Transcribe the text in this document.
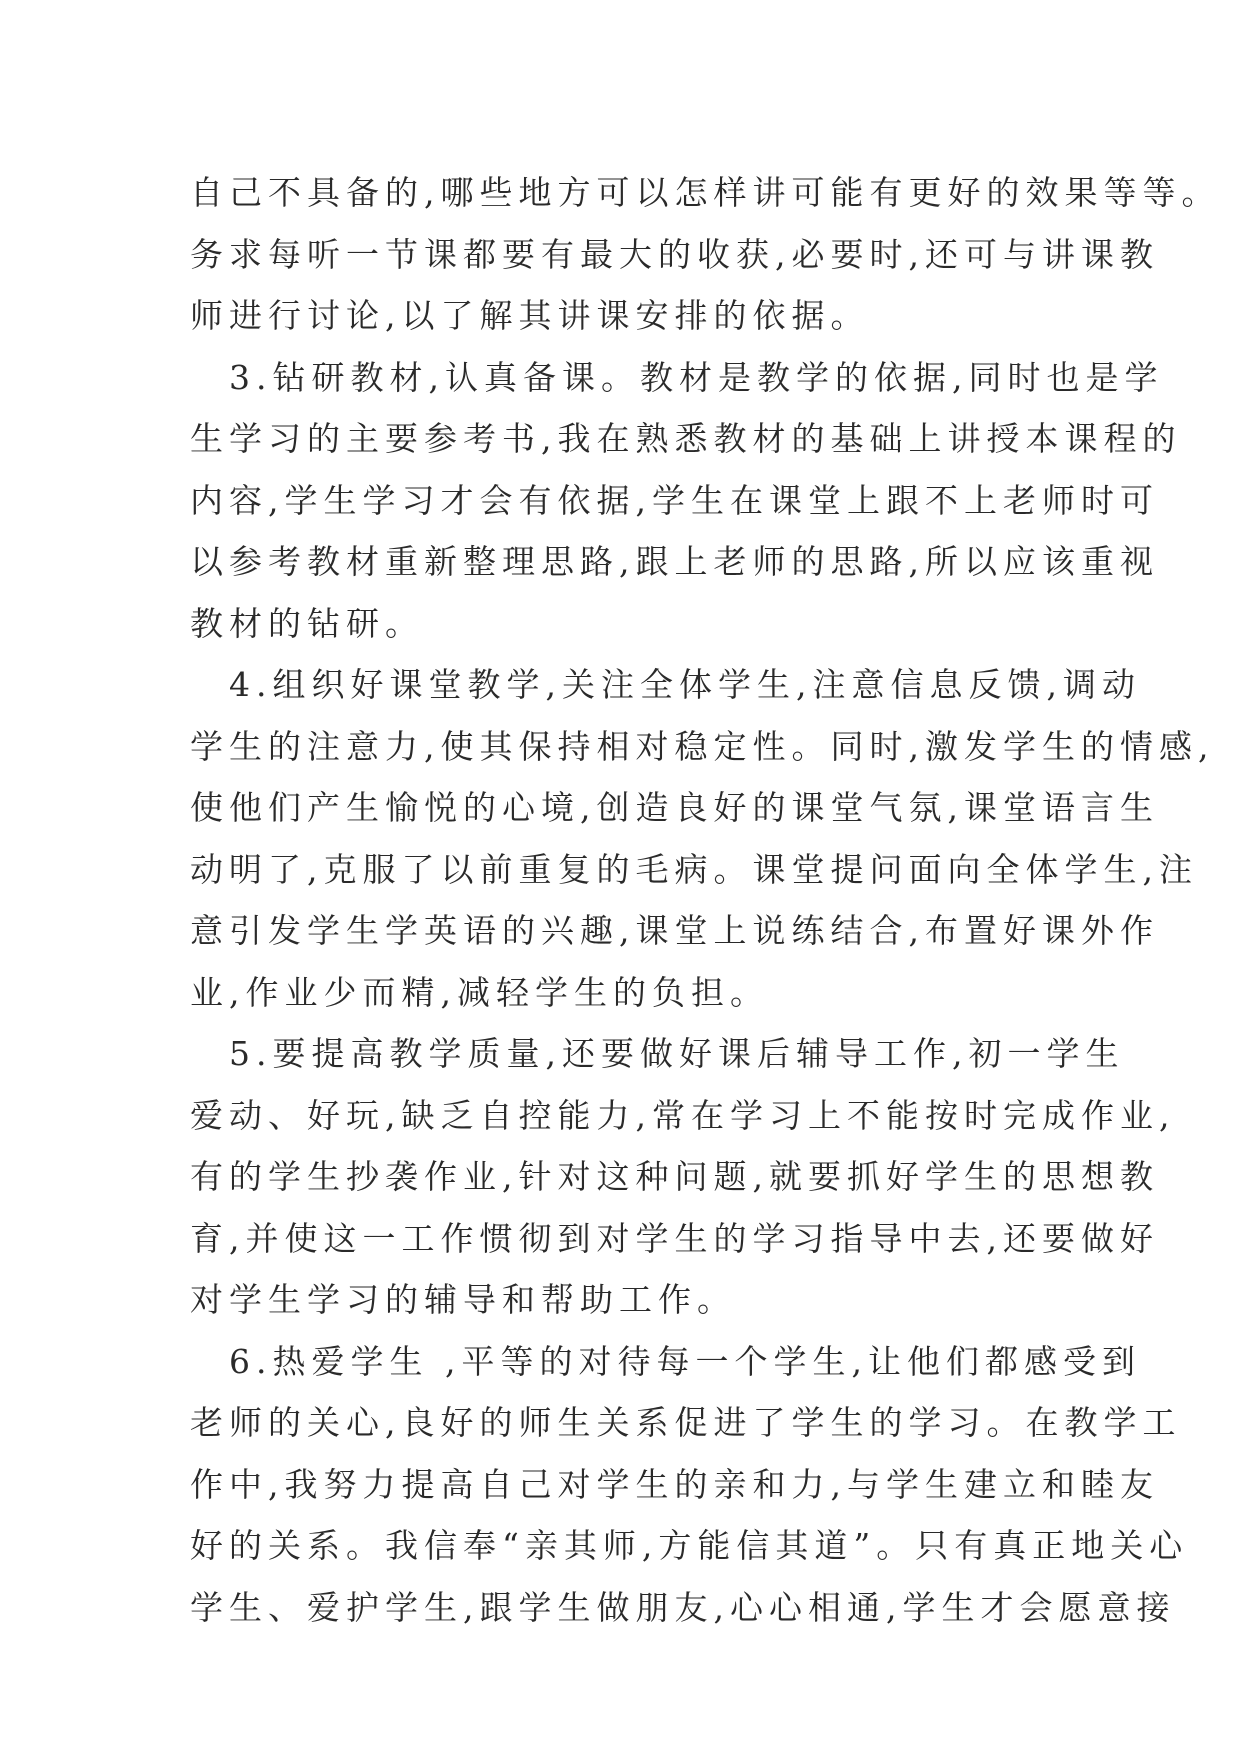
自己不具备的,哪些地方可以怎样讲可能有更好的效果等等。
务求每听一节课都要有最大的收获,必要时,还可与讲课教
师进行讨论,以了解其讲课安排的依据。
　3.钻研教材,认真备课。教材是教学的依据,同时也是学
生学习的主要参考书,我在熟悉教材的基础上讲授本课程的
内容,学生学习才会有依据,学生在课堂上跟不上老师时可
以参考教材重新整理思路,跟上老师的思路,所以应该重视
教材的钻研。
　4.组织好课堂教学,关注全体学生,注意信息反馈,调动
学生的注意力,使其保持相对稳定性。同时,激发学生的情感,
使他们产生愉悦的心境,创造良好的课堂气氛,课堂语言生
动明了,克服了以前重复的毛病。课堂提问面向全体学生,注
意引发学生学英语的兴趣,课堂上说练结合,布置好课外作
业,作业少而精,减轻学生的负担。
　5.要提高教学质量,还要做好课后辅导工作,初一学生
爱动、好玩,缺乏自控能力,常在学习上不能按时完成作业,
有的学生抄袭作业,针对这种问题,就要抓好学生的思想教
育,并使这一工作惯彻到对学生的学习指导中去,还要做好
对学生学习的辅导和帮助工作。
　6.热爱学生 ,平等的对待每一个学生,让他们都感受到
老师的关心,良好的师生关系促进了学生的学习。在教学工
作中,我努力提高自己对学生的亲和力,与学生建立和睦友
好的关系。我信奉“亲其师,方能信其道”。只有真正地关心
学生、爱护学生,跟学生做朋友,心心相通,学生才会愿意接
